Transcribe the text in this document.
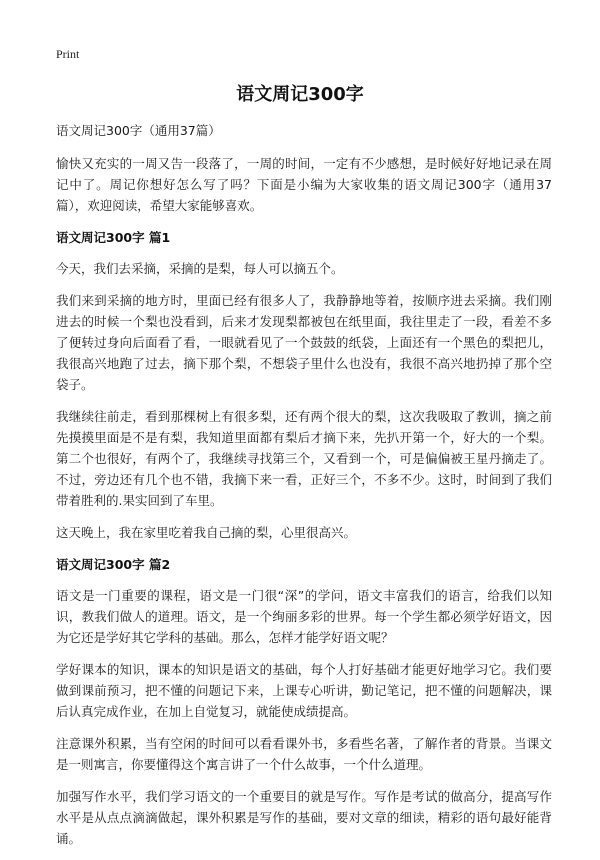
Print
语文周记300字

语文周记300字（通用37篇）

愉快又充实的一周又告一段落了，一周的时间，一定有不少感想，是时候好好地记录在周记中了。周记你想好怎么写了吗？下面是小编为大家收集的语文周记300字（通用37篇），欢迎阅读，希望大家能够喜欢。

语文周记300字 篇1

今天，我们去采摘，采摘的是梨，每人可以摘五个。

我们来到采摘的地方时，里面已经有很多人了，我静静地等着，按顺序进去采摘。我们刚进去的时候一个梨也没看到，后来才发现梨都被包在纸里面，我往里走了一段，看差不多了便转过身向后面看了看，一眼就看见了一个鼓鼓的纸袋，上面还有一个黑色的梨把儿，我很高兴地跑了过去，摘下那个梨，不想袋子里什么也没有，我很不高兴地扔掉了那个空袋子。

我继续往前走，看到那棵树上有很多梨，还有两个很大的梨，这次我吸取了教训，摘之前先摸摸里面是不是有梨，我知道里面都有梨后才摘下来，先扒开第一个，好大的一个梨。第二个也很好，有两个了，我继续寻找第三个，又看到一个，可是偏偏被王星丹摘走了。不过，旁边还有几个也不错，我摘下来一看，正好三个，不多不少。这时，时间到了我们带着胜利的.果实回到了车里。

这天晚上，我在家里吃着我自己摘的梨，心里很高兴。

语文周记300字 篇2

语文是一门重要的课程，语文是一门很“深”的学问，语文丰富我们的语言，给我们以知识，教我们做人的道理。语文，是一个绚丽多彩的世界。每一个学生都必须学好语文，因为它还是学好其它学科的基础。那么，怎样才能学好语文呢？

学好课本的知识，课本的知识是语文的基础，每个人打好基础才能更好地学习它。我们要做到课前预习，把不懂的问题记下来，上课专心听讲，勤记笔记，把不懂的问题解决，课后认真完成作业，在加上自觉复习，就能使成绩提高。

注意课外积累，当有空闲的时间可以看看课外书，多看些名著，了解作者的背景。当课文是一则寓言，你要懂得这个寓言讲了一个什么故事，一个什么道理。

加强写作水平，我们学习语文的一个重要目的就是写作。写作是考试的做高分，提高写作水平是从点点滴滴做起，课外积累是写作的基础，要对文章的细读，精彩的语句最好能背诵。
